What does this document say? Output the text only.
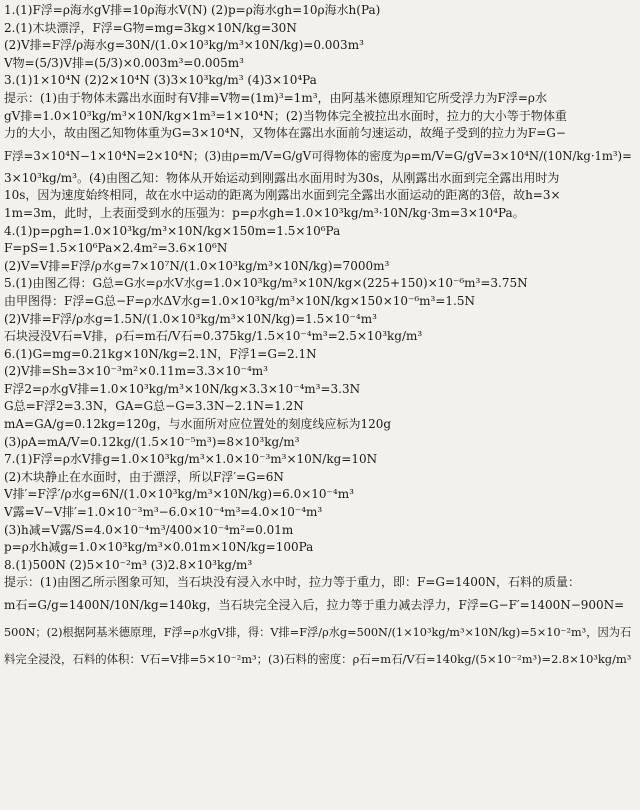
1.(1)F浮=ρ海水gV排=10ρ海水V(N) (2)p=ρ海水gh=10ρ海水h(Pa)
2.(1)木块漂浮，F浮=G物=mg=3kg×10N/kg=30N
(2)V排=F浮/ρ海水g=30N/(1.0×10³kg/m³×10N/kg)=0.003m³
V物=(5/3)V排=(5/3)×0.003m³=0.005m³
3.(1)1×10⁴N (2)2×10⁴N (3)3×10³kg/m³ (4)3×10⁴Pa
提示：(1)由于物体未露出水面时有V排=V物=(1m)³=1m³，由阿基米德原理知它所受浮力为F浮=ρ水
gV排=1.0×10³kg/m³×10N/kg×1m³=1×10⁴N；(2)当物体完全被拉出水面时，拉力的大小等于物体重
力的大小，故由图乙知物体重为G=3×10⁴N，又物体在露出水面前匀速运动，故绳子受到的拉力为F=G−
F浮=3×10⁴N−1×10⁴N=2×10⁴N；(3)由ρ=m/V=G/gV可得物体的密度为ρ=m/V=G/gV=3×10⁴N/(10N/kg·1m³)=
3×10³kg/m³。(4)由图乙知：物体从开始运动到刚露出水面用时为30s，从刚露出水面到完全露出用时为
10s，因为速度始终相同，故在水中运动的距离为刚露出水面到完全露出水面运动的距离的3倍，故h=3×
1m=3m，此时，上表面受到水的压强为：p=ρ水gh=1.0×10³kg/m³·10N/kg·3m=3×10⁴Pa。
4.(1)p=ρgh=1.0×10³kg/m³×10N/kg×150m=1.5×10⁶Pa
F=pS=1.5×10⁶Pa×2.4m²=3.6×10⁶N
(2)V=V排=F浮/ρ水g=7×10⁷N/(1.0×10³kg/m³×10N/kg)=7000m³
5.(1)由图乙得：G总=G水=ρ水V水g=1.0×10³kg/m³×10N/kg×(225+150)×10⁻⁶m³=3.75N
由甲图得：F浮=G总−F=ρ水ΔV水g=1.0×10³kg/m³×10N/kg×150×10⁻⁶m³=1.5N
(2)V排=F浮/ρ水g=1.5N/(1.0×10³kg/m³×10N/kg)=1.5×10⁻⁴m³
石块浸没V石=V排，ρ石=m石/V石=0.375kg/1.5×10⁻⁴m³=2.5×10³kg/m³
6.(1)G=mg=0.21kg×10N/kg=2.1N，F浮1=G=2.1N
(2)V排=Sh=3×10⁻³m²×0.11m=3.3×10⁻⁴m³
F浮2=ρ水gV排=1.0×10³kg/m³×10N/kg×3.3×10⁻⁴m³=3.3N
G总=F浮2=3.3N，GA=G总−G=3.3N−2.1N=1.2N
mA=GA/g=0.12kg=120g，与水面所对应位置处的刻度线应标为120g
(3)ρA=mA/V=0.12kg/(1.5×10⁻⁵m³)=8×10³kg/m³
7.(1)F浮=ρ水V排g=1.0×10³kg/m³×1.0×10⁻³m³×10N/kg=10N
(2)木块静止在水面时，由于漂浮，所以F浮′=G=6N
V排′=F浮′/ρ水g=6N/(1.0×10³kg/m³×10N/kg)=6.0×10⁻⁴m³
V露=V−V排′=1.0×10⁻³m³−6.0×10⁻⁴m³=4.0×10⁻⁴m³
(3)h减=V露/S=4.0×10⁻⁴m³/400×10⁻⁴m²=0.01m
p=ρ水h减g=1.0×10³kg/m³×0.01m×10N/kg=100Pa
8.(1)500N (2)5×10⁻²m³ (3)2.8×10³kg/m³
提示：(1)由图乙所示图象可知，当石块没有浸入水中时，拉力等于重力，即：F=G=1400N，石料的质量：
m石=G/g=1400N/10N/kg=140kg，当石块完全浸入后，拉力等于重力减去浮力，F浮=G−F′=1400N−900N=
500N；(2)根据阿基米德原理，F浮=ρ水gV排，得：V排=F浮/ρ水g=500N/(1×10³kg/m³×10N/kg)=5×10⁻²m³，因为石
料完全浸没，石料的体积：V石=V排=5×10⁻²m³；(3)石料的密度：ρ石=m石/V石=140kg/(5×10⁻²m³)=2.8×10³kg/m³
